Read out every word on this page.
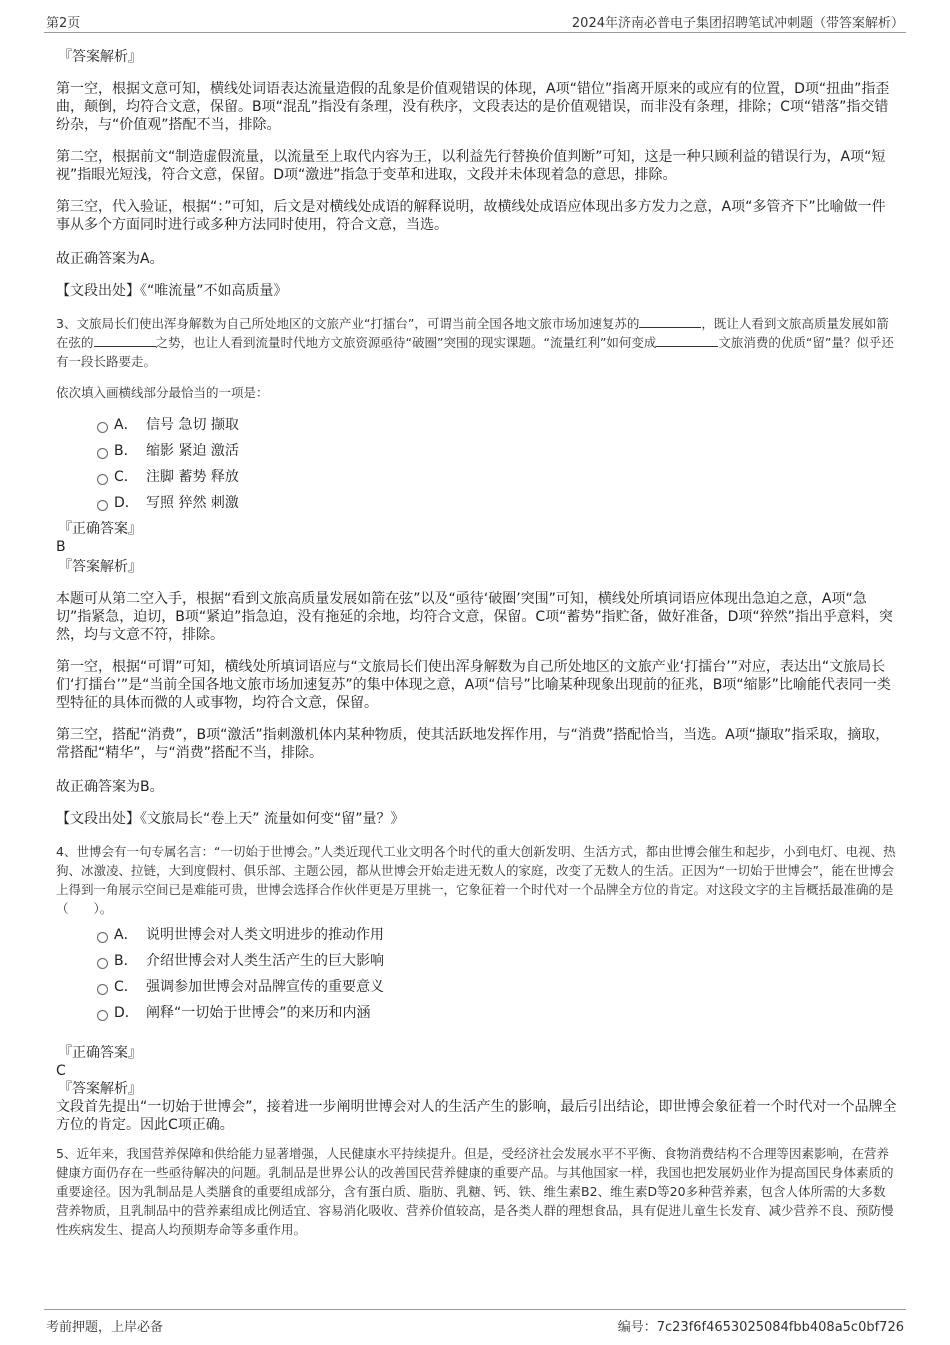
第2页	2024年济南必普电子集团招聘笔试冲刺题（带答案解析）
『答案解析』

第一空，根据文意可知，横线处词语表达流量造假的乱象是价值观错误的体现，A项“错位”指离开原来的或应有的位置，D项“扭曲”指歪曲，颠倒，均符合文意，保留。B项“混乱”指没有条理，没有秩序，文段表达的是价值观错误，而非没有条理，排除；C项“错落”指交错纷杂，与“价值观”搭配不当，排除。

第二空，根据前文“制造虚假流量，以流量至上取代内容为王，以利益先行替换价值判断”可知，这是一种只顾利益的错误行为，A项“短视”指眼光短浅，符合文意，保留。D项“激进”指急于变革和进取，文段并未体现着急的意思，排除。

第三空，代入验证，根据“：”可知，后文是对横线处成语的解释说明，故横线处成语应体现出多方发力之意，A项“多管齐下”比喻做一件事从多个方面同时进行或多种方法同时使用，符合文意，当选。

故正确答案为A。

【文段出处】《“唯流量”不如高质量》

3、文旅局长们使出浑身解数为自己所处地区的文旅产业“打擂台”，可谓当前全国各地文旅市场加速复苏的	，既让人看到文旅高质量发展如箭在弦的	之势，也让人看到流量时代地方文旅资源亟待“破圈”突围的现实课题。“流量红利”如何变成	文旅消费的优质“留”量？似乎还有一段长路要走。

依次填入画横线部分最恰当的一项是：

A． 信号 急切 撷取
B． 缩影 紧迫 激活
C． 注脚 蓄势 释放
D． 写照 猝然 刺激
『正确答案』
B
『答案解析』

本题可从第二空入手，根据“看到文旅高质量发展如箭在弦”以及“亟待‘破圈’突围”可知，横线处所填词语应体现出急迫之意，A项“急切”指紧急，迫切，B项“紧迫”指急迫，没有拖延的余地，均符合文意，保留。C项“蓄势”指贮备，做好准备，D项“猝然”指出乎意料，突然，均与文意不符，排除。

第一空，根据“可谓”可知，横线处所填词语应与“文旅局长们使出浑身解数为自己所处地区的文旅产业‘打擂台’”对应，表达出“文旅局长们‘打擂台’”是“当前全国各地文旅市场加速复苏”的集中体现之意，A项“信号”比喻某种现象出现前的征兆，B项“缩影”比喻能代表同一类型特征的具体而微的人或事物，均符合文意，保留。

第三空，搭配“消费”，B项“激活”指刺激机体内某种物质，使其活跃地发挥作用，与“消费”搭配恰当，当选。A项“撷取”指采取，摘取，常搭配“精华”，与“消费”搭配不当，排除。

故正确答案为B。

【文段出处】《文旅局长“卷上天” 流量如何变“留”量？》

4、世博会有一句专属名言：“一切始于世博会。”人类近现代工业文明各个时代的重大创新发明、生活方式，都由世博会催生和起步，小到电灯、电视、热狗、冰激凌、拉链，大到度假村、俱乐部、主题公园，都从世博会开始走进无数人的家庭，改变了无数人的生活。正因为“一切始于世博会”，能在世博会上得到一角展示空间已是难能可贵，世博会选择合作伙伴更是万里挑一，它象征着一个时代对一个品牌全方位的肯定。对这段文字的主旨概括最准确的是（　　）。

A． 说明世博会对人类文明进步的推动作用
B． 介绍世博会对人类生活产生的巨大影响
C． 强调参加世博会对品牌宣传的重要意义
D． 阐释“一切始于世博会”的来历和内涵
『正确答案』
C
『答案解析』

文段首先提出“一切始于世博会”，接着进一步阐明世博会对人的生活产生的影响，最后引出结论，即世博会象征着一个时代对一个品牌全方位的肯定。因此C项正确。

5、近年来，我国营养保障和供给能力显著增强，人民健康水平持续提升。但是，受经济社会发展水平不平衡、食物消费结构不合理等因素影响，在营养健康方面仍存在一些亟待解决的问题。乳制品是世界公认的改善国民营养健康的重要产品。与其他国家一样，我国也把发展奶业作为提高国民身体素质的重要途径。因为乳制品是人类膳食的重要组成部分，含有蛋白质、脂肪、乳糖、钙、铁、维生素B2、维生素D等20多种营养素，包含人体所需的大多数营养物质，且乳制品中的营养素组成比例适宜、容易消化吸收、营养价值较高，是各类人群的理想食品，具有促进儿童生长发育、减少营养不良、预防慢性疾病发生、提高人均预期寿命等多重作用。

考前押题，上岸必备	编号：7c23f6f4653025084fbb408a5c0bf726
